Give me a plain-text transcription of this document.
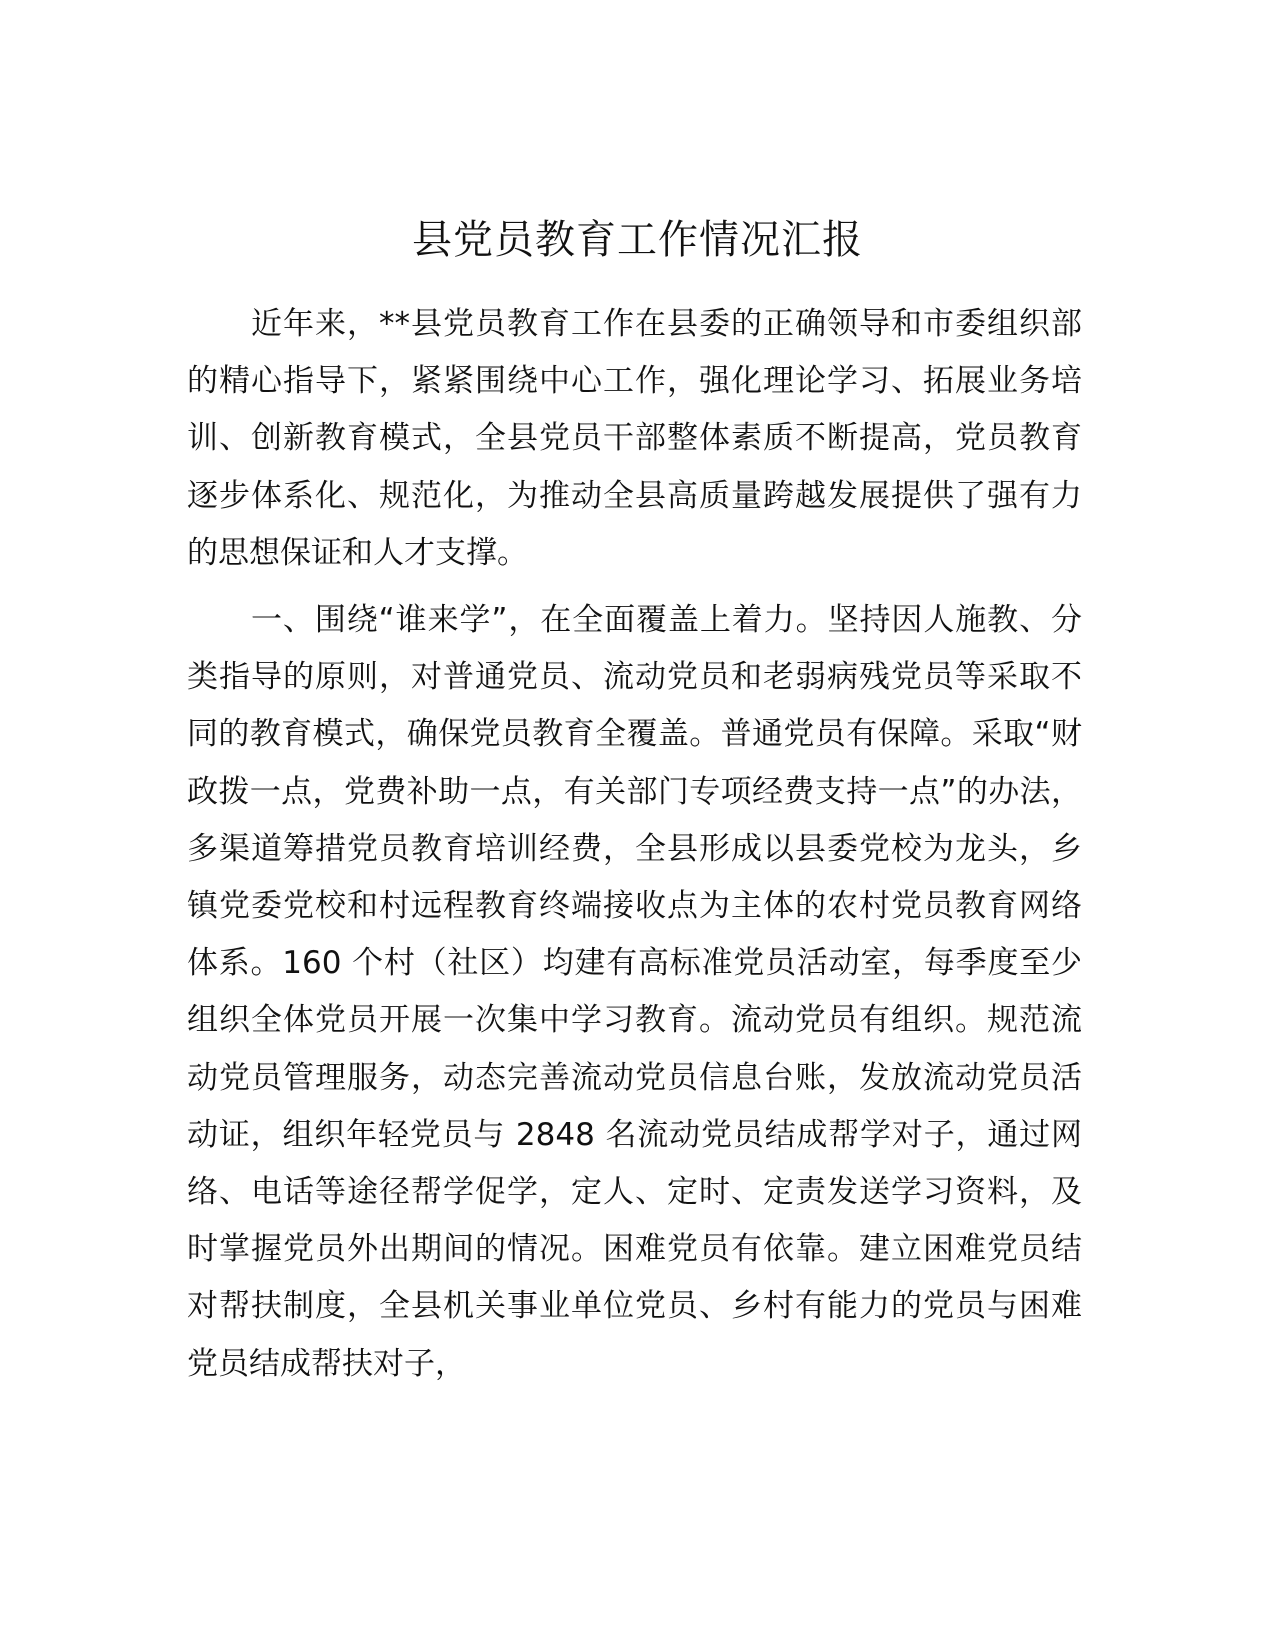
县党员教育工作情况汇报

近年来，**县党员教育工作在县委的正确领导和市委组织部的精心指导下，紧紧围绕中心工作，强化理论学习、拓展业务培训、创新教育模式，全县党员干部整体素质不断提高，党员教育逐步体系化、规范化，为推动全县高质量跨越发展提供了强有力的思想保证和人才支撑。

一、围绕“谁来学”，在全面覆盖上着力。坚持因人施教、分类指导的原则，对普通党员、流动党员和老弱病残党员等采取不同的教育模式，确保党员教育全覆盖。普通党员有保障。采取“财政拨一点，党费补助一点，有关部门专项经费支持一点”的办法，多渠道筹措党员教育培训经费，全县形成以县委党校为龙头，乡镇党委党校和村远程教育终端接收点为主体的农村党员教育网络体系。160 个村（社区）均建有高标准党员活动室，每季度至少组织全体党员开展一次集中学习教育。流动党员有组织。规范流动党员管理服务，动态完善流动党员信息台账，发放流动党员活动证，组织年轻党员与 2848 名流动党员结成帮学对子，通过网络、电话等途径帮学促学，定人、定时、定责发送学习资料，及时掌握党员外出期间的情况。困难党员有依靠。建立困难党员结对帮扶制度，全县机关事业单位党员、乡村有能力的党员与困难党员结成帮扶对子，
